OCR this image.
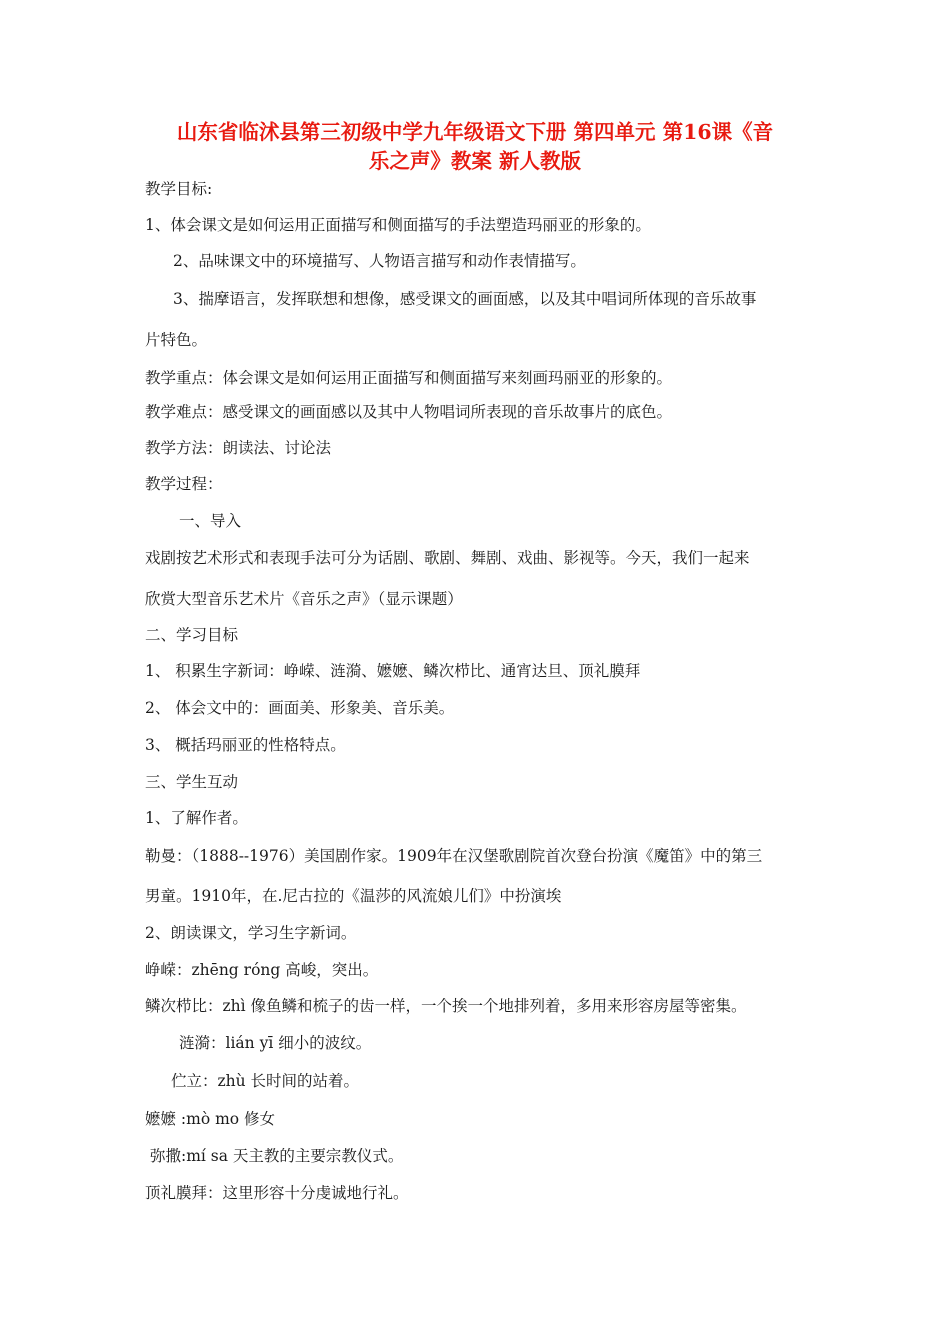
山东省临沭县第三初级中学九年级语文下册 第四单元 第16课《音
乐之声》教案 新人教版
教学目标:
1、体会课文是如何运用正面描写和侧面描写的手法塑造玛丽亚的形象的。
2、品味课文中的环境描写、人物语言描写和动作表情描写。
3、揣摩语言，发挥联想和想像，感受课文的画面感，以及其中唱词所体现的音乐故事
片特色。
教学重点：体会课文是如何运用正面描写和侧面描写来刻画玛丽亚的形象的。
教学难点：感受课文的画面感以及其中人物唱词所表现的音乐故事片的底色。
教学方法：朗读法、讨论法
教学过程：
一、导入
戏剧按艺术形式和表现手法可分为话剧、歌剧、舞剧、戏曲、影视等。今天，我们一起来
欣赏大型音乐艺术片《音乐之声》（显示课题）
二、学习目标
1、 积累生字新词：峥嵘、涟漪、嬷嬷、鳞次栉比、通宵达旦、顶礼膜拜
2、 体会文中的：画面美、形象美、音乐美。
3、 概括玛丽亚的性格特点。
三、学生互动
1、了解作者。
勒曼：（1888--1976）美国剧作家。1909年在汉堡歌剧院首次登台扮演《魔笛》中的第三
男童。1910年，在.尼古拉的《温莎的风流娘儿们》中扮演埃
2、朗读课文，学习生字新词。
峥嵘：zhēng róng 高峻，突出。
鳞次栉比：zhì 像鱼鳞和梳子的齿一样，一个挨一个地排列着，多用来形容房屋等密集。
涟漪：lián yī 细小的波纹。
伫立：zhù 长时间的站着。
嬷嬷 :mò mo 修女
弥撒:mí sa 天主教的主要宗教仪式。
顶礼膜拜：这里形容十分虔诚地行礼。
